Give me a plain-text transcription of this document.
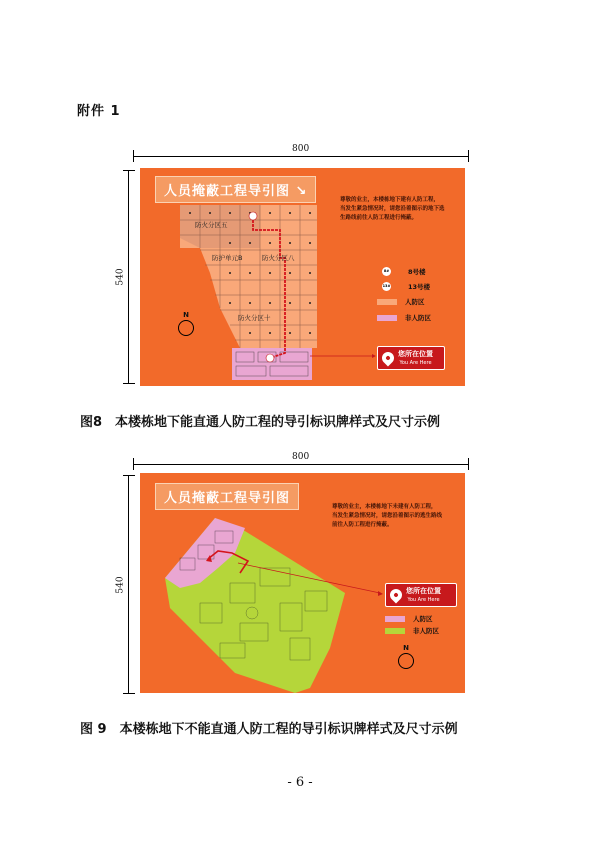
附件 1
800
540
人员掩蔽工程导引图 ↘
防火分区五
防护单元B	防火分区八
防火分区十
N
尊敬的业主，本楼栋地下建有人防工程，
当发生紧急情况时，请您沿着图示的地下选
生路线前往人防工程进行掩蔽。
8#	8号楼
13#	13号楼
人防区
非人防区
您所在位置
You Are Here
图8　本楼栋地下能直通人防工程的导引标识牌样式及尺寸示例
800
540
人员掩蔽工程导引图
尊敬的业主，本楼栋地下未建有人防工程，
当发生紧急情况时，请您沿着图示的逃生路线
前往人防工程进行掩蔽。
您所在位置
You Are Here
人防区
非人防区
N
图 9　本楼栋地下不能直通人防工程的导引标识牌样式及尺寸示例
- 6 -
